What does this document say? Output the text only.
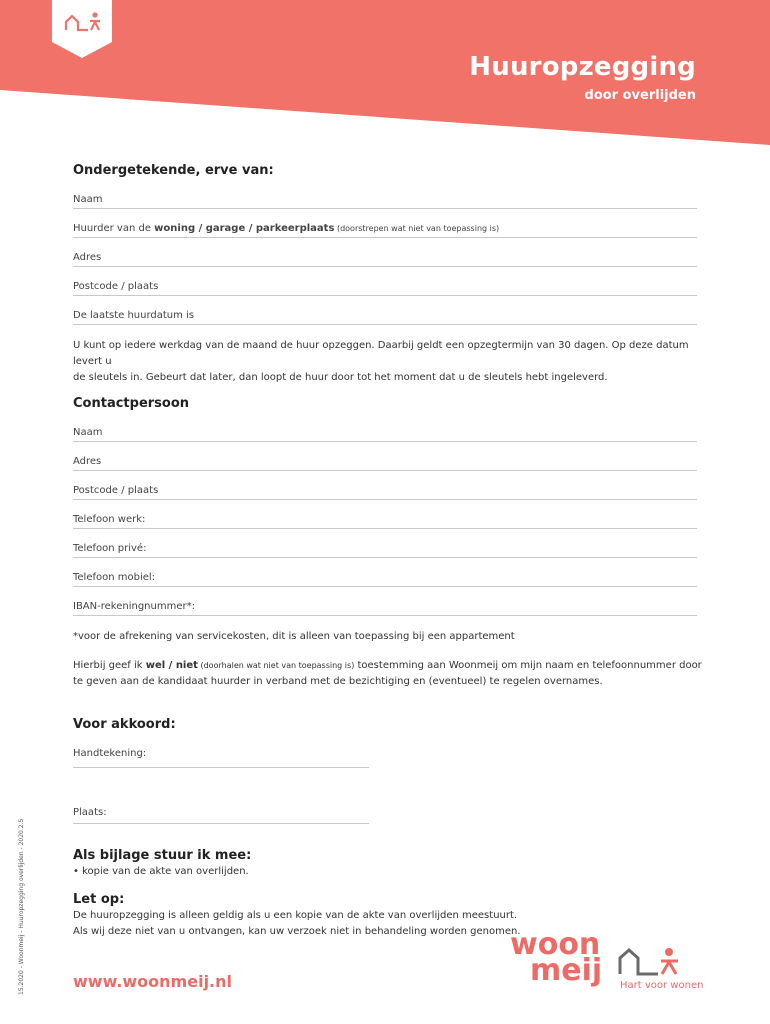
Huuropzegging
door overlijden
Ondergetekende, erve van:
Naam
Huurder van de woning / garage / parkeerplaats (doorstrepen wat niet van toepassing is)
Adres
Postcode / plaats
De laatste huurdatum is
U kunt op iedere werkdag van de maand de huur opzeggen. Daarbij geldt een opzegtermijn van 30 dagen. Op deze datum levert u
de sleutels in. Gebeurt dat later, dan loopt de huur door tot het moment dat u de sleutels hebt ingeleverd.
Contactpersoon
Naam
Adres
Postcode / plaats
Telefoon werk:
Telefoon privé:
Telefoon mobiel:
IBAN-rekeningnummer*:
*voor de afrekening van servicekosten, dit is alleen van toepassing bij een appartement
Hierbij geef ik wel / niet (doorhalen wat niet van toepassing is) toestemming aan Woonmeij om mijn naam en telefoonnummer door
te geven aan de kandidaat huurder in verband met de bezichtiging en (eventueel) te regelen overnames.
Voor akkoord:
Handtekening:
Plaats:
Als bijlage stuur ik mee:
• kopie van de akte van overlijden.
Let op:
De huuropzegging is alleen geldig als u een kopie van de akte van overlijden meestuurt.
Als wij deze niet van u ontvangen, kan uw verzoek niet in behandeling worden genomen.
15.2020 - Woonmeij - Huuropzegging overlijden - 2020.2.5	www.woonmeij.nl
woon
meij Hart voor wonen
